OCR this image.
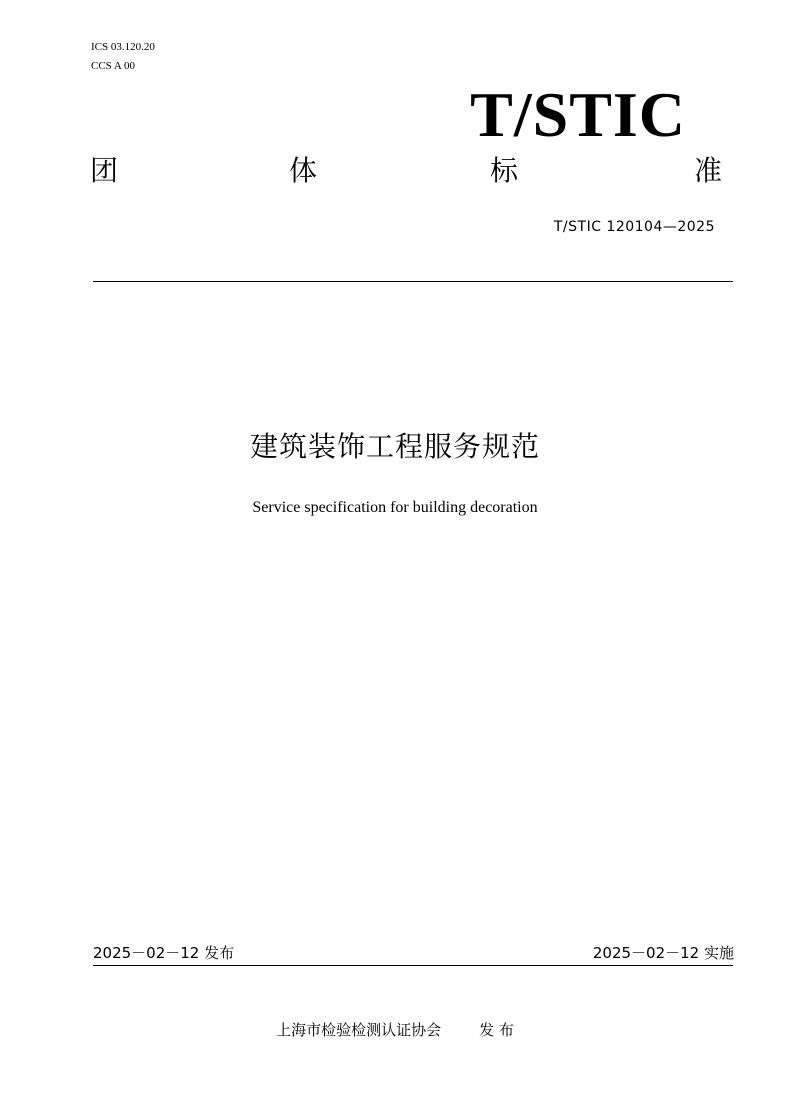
ICS 03.120.20
CCS A 00
T/STIC
团	体	标	准
T/STIC 120104—2025
建筑装饰工程服务规范
Service specification for building decoration
2025－02－12 发布	2025－02－12 实施
上海市检验检测认证协会	发 布
